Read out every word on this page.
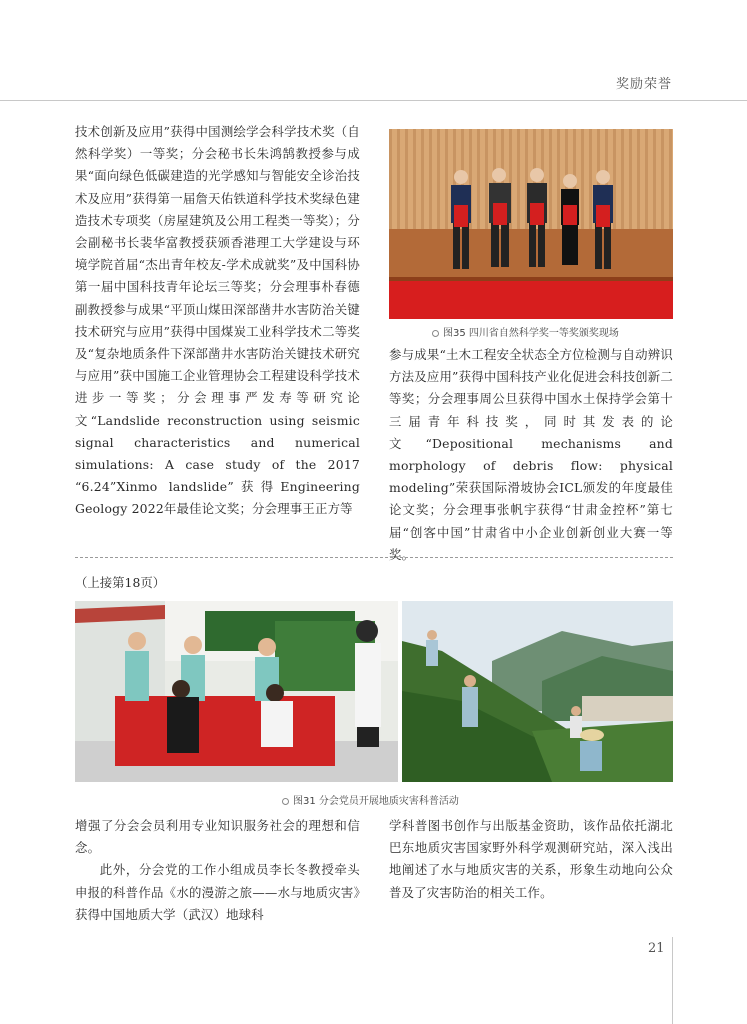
奖励荣誉

技术创新及应用”获得中国测绘学会科学技术奖（自然科学奖）一等奖；分会秘书长朱鸿鹄教授参与成果“面向绿色低碳建造的光学感知与智能安全诊治技术及应用”获得第一届詹天佑铁道科学技术奖绿色建造技术专项奖（房屋建筑及公用工程类一等奖）；分会副秘书长裴华富教授获颁香港理工大学建设与环境学院首届“杰出青年校友-学术成就奖”及中国科协第一届中国科技青年论坛三等奖；分会理事朴春德副教授参与成果“平顶山煤田深部凿井水害防治关键技术研究与应用”获得中国煤炭工业科学技术二等奖及“复杂地质条件下深部凿井水害防治关键技术研究与应用”获中国施工企业管理协会工程建设科学技术进步一等奖；分会理事严发寿等研究论文“Landslide reconstruction using seismic signal characteristics and numerical simulations: A case study of the 2017 “6.24”Xinmo landslide”获得Engineering Geology 2022年最佳论文奖；分会理事王正方等

图35 四川省自然科学奖一等奖颁奖现场

参与成果“土木工程安全状态全方位检测与自动辨识方法及应用”获得中国科技产业化促进会科技创新二等奖；分会理事周公旦获得中国水土保持学会第十三届青年科技奖，同时其发表的论文“Depositional mechanisms and morphology of debris flow: physical modeling”荣获国际滑坡协会ICL颁发的年度最佳论文奖；分会理事张帆宇获得“甘肃金控杯”第七届“创客中国”甘肃省中小企业创新创业大赛一等奖。

（上接第18页）
图31 分会党员开展地质灾害科普活动

增强了分会会员利用专业知识服务社会的理想和信念。

此外，分会党的工作小组成员李长冬教授牵头申报的科普作品《水的漫游之旅——水与地质灾害》获得中国地质大学（武汉）地球科

学科普图书创作与出版基金资助，该作品依托湖北巴东地质灾害国家野外科学观测研究站，深入浅出地阐述了水与地质灾害的关系，形象生动地向公众普及了灾害防治的相关工作。

21
